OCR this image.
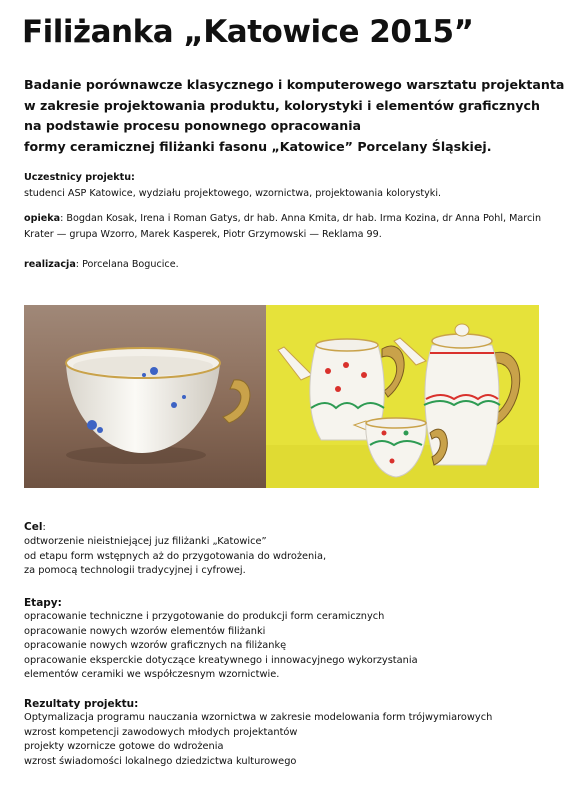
Filiżanka „Katowice 2015”
Badanie porównawcze klasycznego i komputerowego warsztatu projektanta
w zakresie projektowania produktu, kolorystyki i elementów graficznych
na podstawie procesu ponownego opracowania
formy ceramicznej filiżanki fasonu „Katowice” Porcelany Śląskiej.
Uczestnicy projektu:
studenci ASP Katowice, wydziału projektowego, wzornictwa, projektowania kolorystyki.
opieka: Bogdan Kosak, Irena i Roman Gatys, dr hab. Anna Kmita, dr hab. Irma Kozina, dr Anna Pohl, Marcin Krater — grupa Wzorro, Marek Kasperek, Piotr Grzymowski — Reklama 99.
realizacja: Porcelana Bogucice.
Cel:
odtworzenie nieistniejącej juz filiżanki „Katowice”
od etapu form wstępnych aż do przygotowania do wdrożenia,
za pomocą technologii tradycyjnej i cyfrowej.
Etapy:
opracowanie techniczne i przygotowanie do produkcji form ceramicznych
opracowanie nowych wzorów elementów filiżanki
opracowanie nowych wzorów graficznych na filiżankę
opracowanie eksperckie dotyczące kreatywnego i innowacyjnego wykorzystania
elementów ceramiki we współczesnym wzornictwie.
Rezultaty projektu:
Optymalizacja programu nauczania wzornictwa w zakresie modelowania form trójwymiarowych
wzrost kompetencji zawodowych młodych projektantów
projekty wzornicze gotowe do wdrożenia
wzrost świadomości lokalnego dziedzictwa kulturowego
